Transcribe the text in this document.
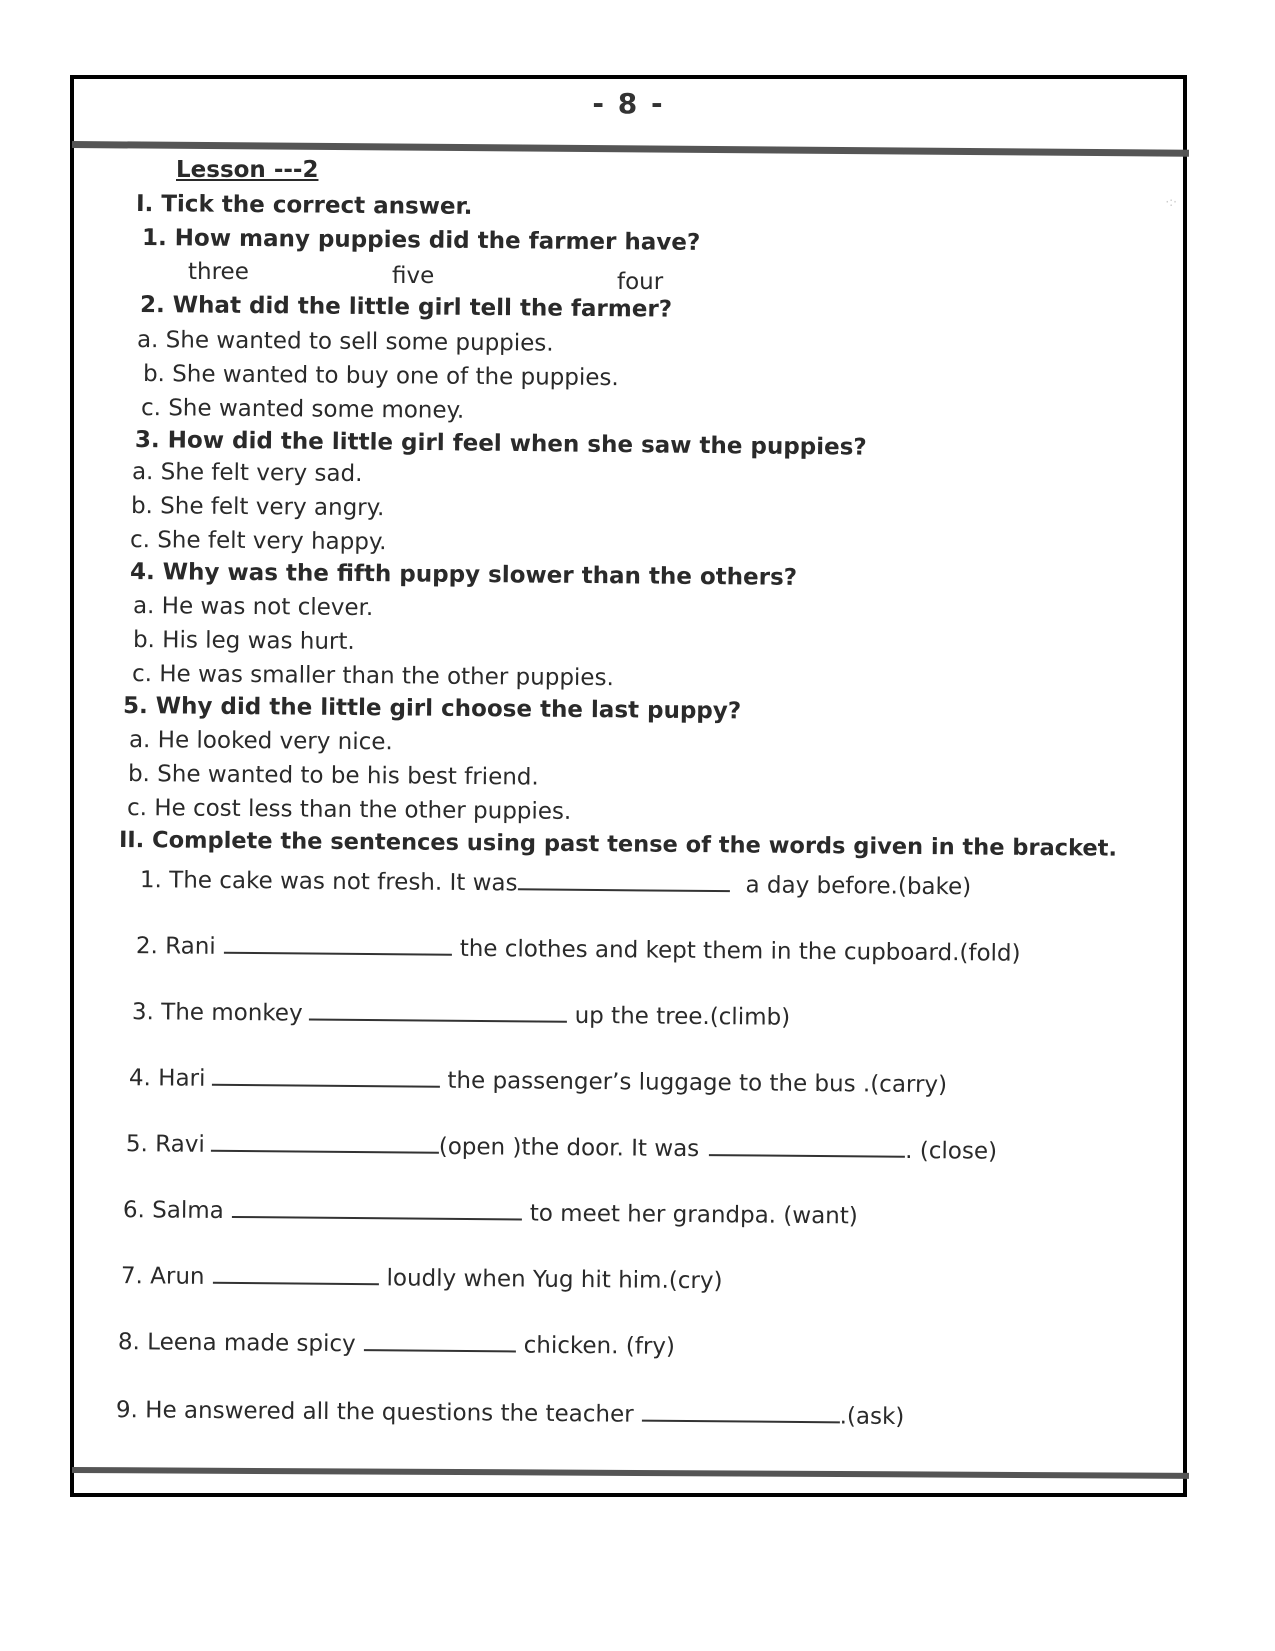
- 8 -
·:·
Lesson ---2
I. Tick the correct answer.
1. How many puppies did the farmer have?
three	five	four
2. What did the little girl tell the farmer?
a. She wanted to sell some puppies.
b. She wanted to buy one of the puppies.
c. She wanted some money.
3. How did the little girl feel when she saw the puppies?
a. She felt very sad.
b. She felt very angry.
c. She felt very happy.
4. Why was the fifth puppy slower than the others?
a. He was not clever.
b. His leg was hurt.
c. He was smaller than the other puppies.
5. Why did the little girl choose the last puppy?
a. He looked very nice.
b. She wanted to be his best friend.
c. He cost less than the other puppies.
II. Complete the sentences using past tense of the words given in the bracket.
1. The cake was not fresh. It was	a day before.(bake)
2. Rani	the clothes and kept them in the cupboard.(fold)
3. The monkey	up the tree.(climb)
4. Hari	the passenger’s luggage to the bus .(carry)
5. Ravi	(open )the door. It was	. (close)
6. Salma	to meet her grandpa. (want)
7. Arun	loudly when Yug hit him.(cry)
8. Leena made spicy	chicken. (fry)
9. He answered all the questions the teacher	.(ask)
